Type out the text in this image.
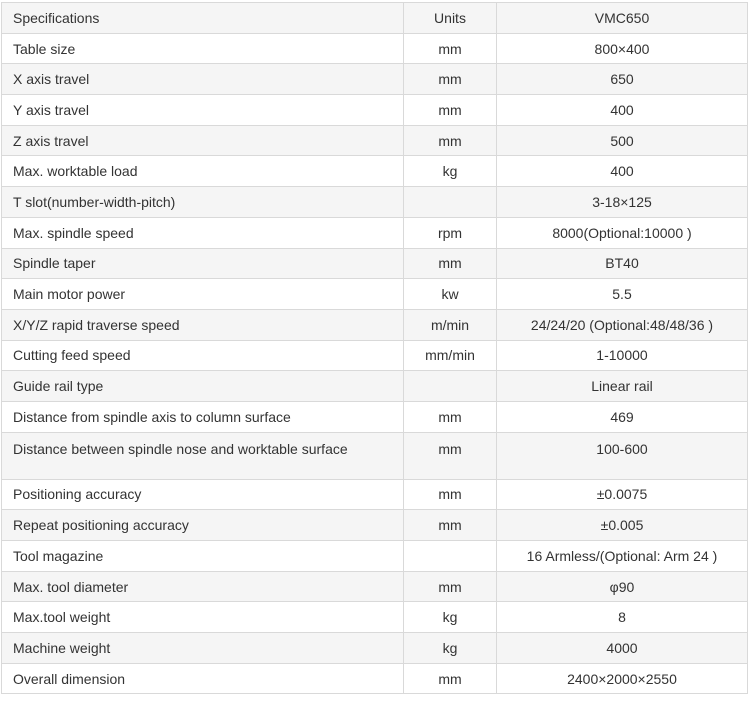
Specifications	Units	VMC650
Table size	mm	800×400
X axis travel	mm	650
Y axis travel	mm	400
Z axis travel	mm	500
Max. worktable load	kg	400
T slot(number-width-pitch)		3-18×125
Max. spindle speed	rpm	8000(Optional:10000 )
Spindle taper	mm	BT40
Main motor power	kw	5.5
X/Y/Z rapid traverse speed	m/min	24/24/20 (Optional:48/48/36 )
Cutting feed speed	mm/min	1-10000
Guide rail type		Linear rail
Distance from spindle axis to column surface	mm	469
Distance between spindle nose and worktable surface	mm	100-600
Positioning accuracy	mm	±0.0075
Repeat positioning accuracy	mm	±0.005
Tool magazine		16 Armless/(Optional: Arm 24 )
Max. tool diameter	mm	φ90
Max.tool weight	kg	8
Machine weight	kg	4000
Overall dimension	mm	2400×2000×2550
